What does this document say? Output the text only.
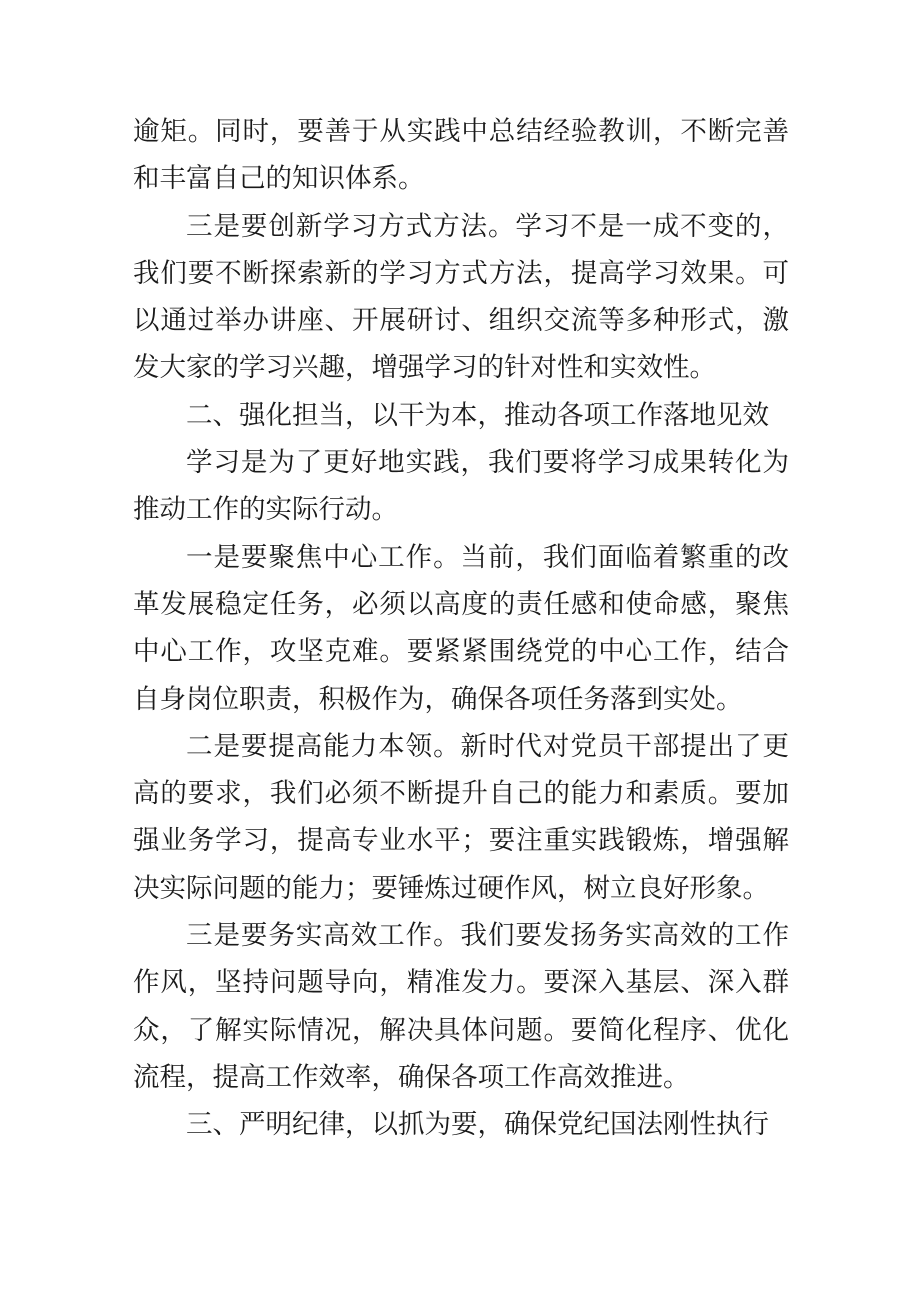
逾矩。同时，要善于从实践中总结经验教训，不断完善和丰富自己的知识体系。

三是要创新学习方式方法。学习不是一成不变的，我们要不断探索新的学习方式方法，提高学习效果。可以通过举办讲座、开展研讨、组织交流等多种形式，激发大家的学习兴趣，增强学习的针对性和实效性。

二、强化担当，以干为本，推动各项工作落地见效

学习是为了更好地实践，我们要将学习成果转化为推动工作的实际行动。

一是要聚焦中心工作。当前，我们面临着繁重的改革发展稳定任务，必须以高度的责任感和使命感，聚焦中心工作，攻坚克难。要紧紧围绕党的中心工作，结合自身岗位职责，积极作为，确保各项任务落到实处。

二是要提高能力本领。新时代对党员干部提出了更高的要求，我们必须不断提升自己的能力和素质。要加强业务学习，提高专业水平；要注重实践锻炼，增强解决实际问题的能力；要锤炼过硬作风，树立良好形象。

三是要务实高效工作。我们要发扬务实高效的工作作风，坚持问题导向，精准发力。要深入基层、深入群众，了解实际情况，解决具体问题。要简化程序、优化流程，提高工作效率，确保各项工作高效推进。

三、严明纪律，以抓为要，确保党纪国法刚性执行
